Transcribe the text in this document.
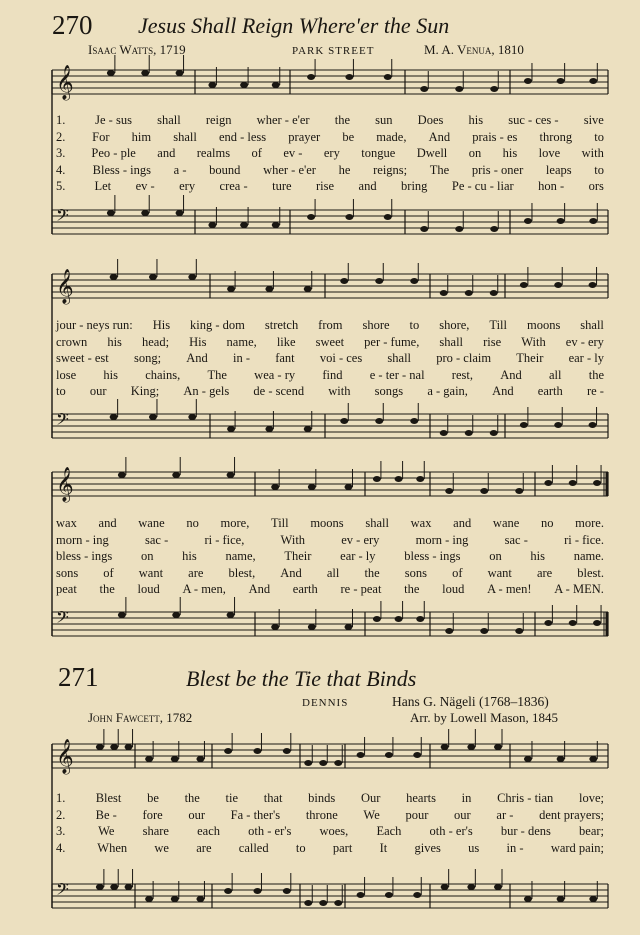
270 Jesus Shall Reign Where'er the Sun
Isaac Watts, 1719	PARK STREET	M. A. Venua, 1810
𝄞
𝄢
𝄞
𝄢
𝄞
𝄢
𝄞
𝄢
1.	Je - sus shall reign wher - e'er the sun Does his suc - ces - sive
2.	For him shall end - less prayer be made, And prais - es throng to
3.	Peo - ple and realms of ev - ery tongue Dwell on his love with
4.	Bless - ings a - bound wher - e'er he reigns; The pris - oner leaps to
5.	Let ev - ery crea - ture rise and bring Pe - cu - liar hon - ors
jour - neys run: His king - dom stretch from shore to shore, Till moons shall
crown his head; His name, like sweet per - fume, shall rise With ev - ery
sweet - est song; And in - fant voi - ces shall pro - claim Their ear - ly
lose his chains, The wea - ry find e - ter - nal rest, And all the
to our King; An - gels de - scend with songs a - gain, And earth re -
wax and wane no more, Till moons shall wax and wane no more.
morn - ing	sac -	ri - fice,	With	ev - ery	morn - ing	sac -	ri - fice.
bless - ings on his name, Their ear - ly bless - ings on his name.
sons of want are blest, And all the sons of want are blest.
peat the loud A - men, And earth re - peat the loud A - men! A - MEN.
271	Blest be the Tie that Binds
DENNIS	Hans G. Nägeli (1768–1836)
John Fawcett, 1782	Arr. by Lowell Mason, 1845
1.	Blest be the tie that binds Our hearts in Chris - tian love;
2.	Be - fore our Fa - ther's throne We pour our ar - dent prayers;
3.	We share each oth - er's woes, Each oth - er's bur - dens bear;
4.	When we are called to part It gives us in - ward pain;
